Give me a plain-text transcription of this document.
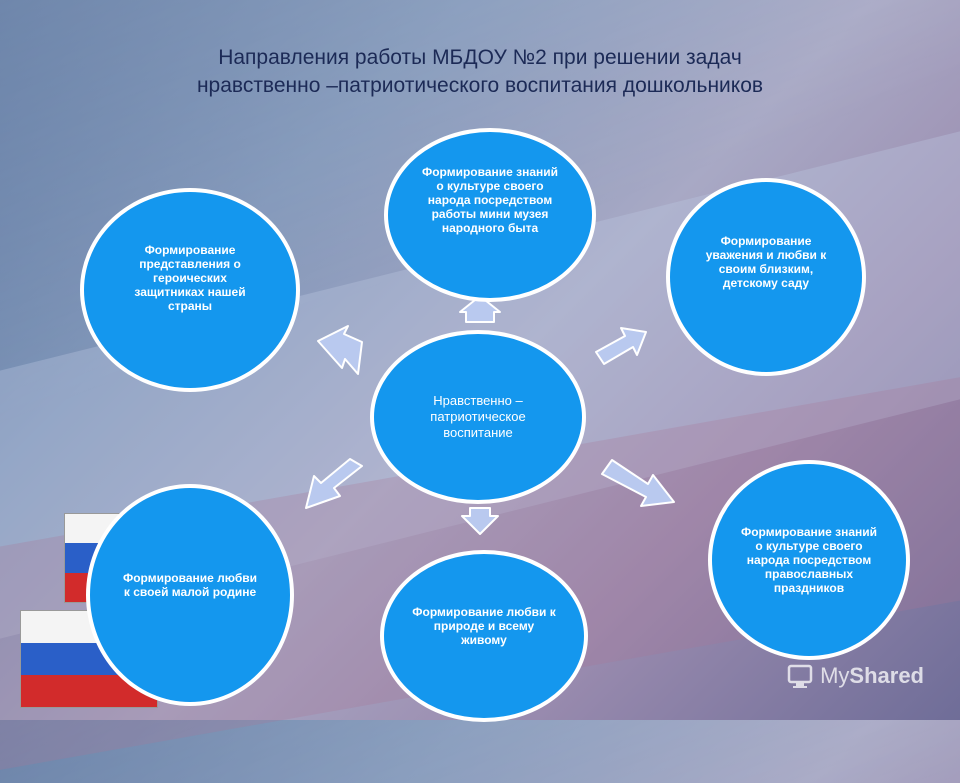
Направления работы МБДОУ №2 при решении задач
нравственно –патриотического воспитания дошкольников
Формирование знаний о культуре своего народа посредством работы мини музея народного быта
Формирование уважения и любви к своим близким, детскому саду
Формирование знаний о культуре своего народа посредством православных праздников
Формирование любви к природе и всему живому
Формирование любви к своей малой родине
Формирование представления о героических защитниках нашей страны
Нравственно – патриотическое воспитание
MyShared
